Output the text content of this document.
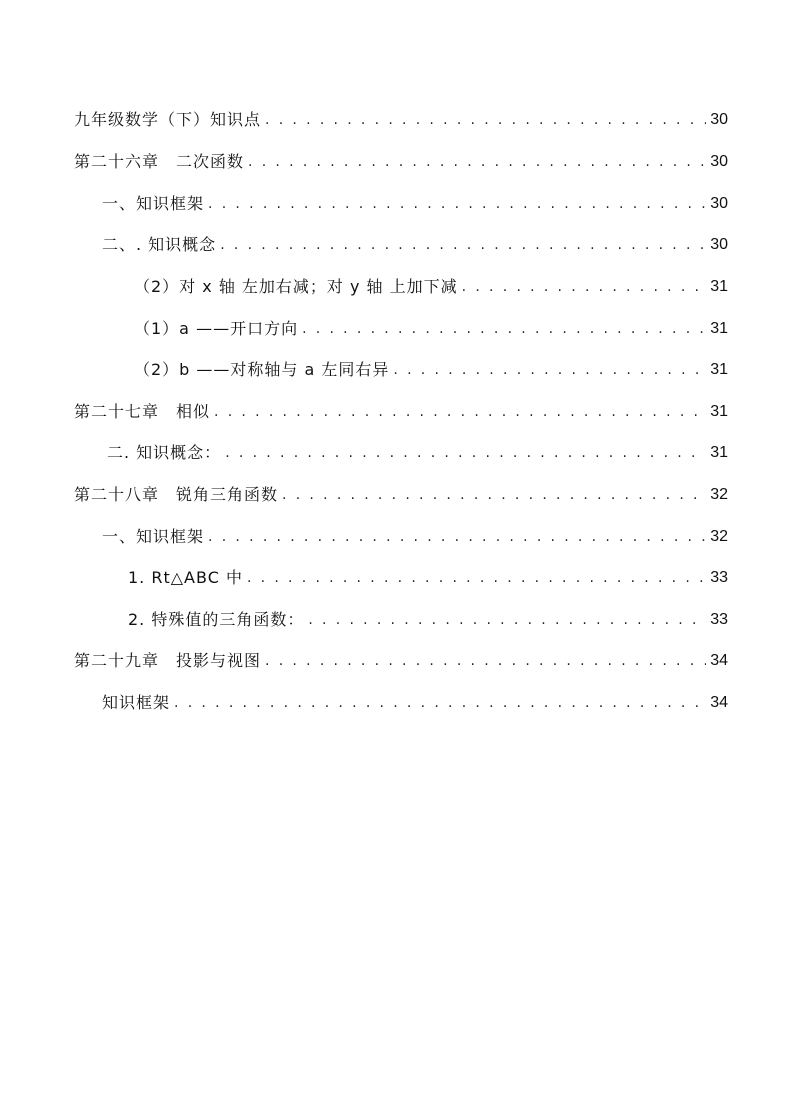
九年级数学（下）知识点 . . .	30
第二十六章　二次函数 . . .	30
一、知识框架 . . .	30
二、. 知识概念 . . .	30
（2）对 x 轴 左加右减；对 y 轴 上加下减 . . .	31
（1）a ——开口方向 . . .	31
（2）b ——对称轴与 a 左同右异 . . .	31
第二十七章　相似 . . .	31
二. 知识概念： . . .	31
第二十八章　锐角三角函数 . . .	32
一、知识框架 . . .	32
1. Rt△ABC 中 . . .	33
2. 特殊值的三角函数： . . .	33
第二十九章　投影与视图 . . .	34
知识框架 . . .	34
